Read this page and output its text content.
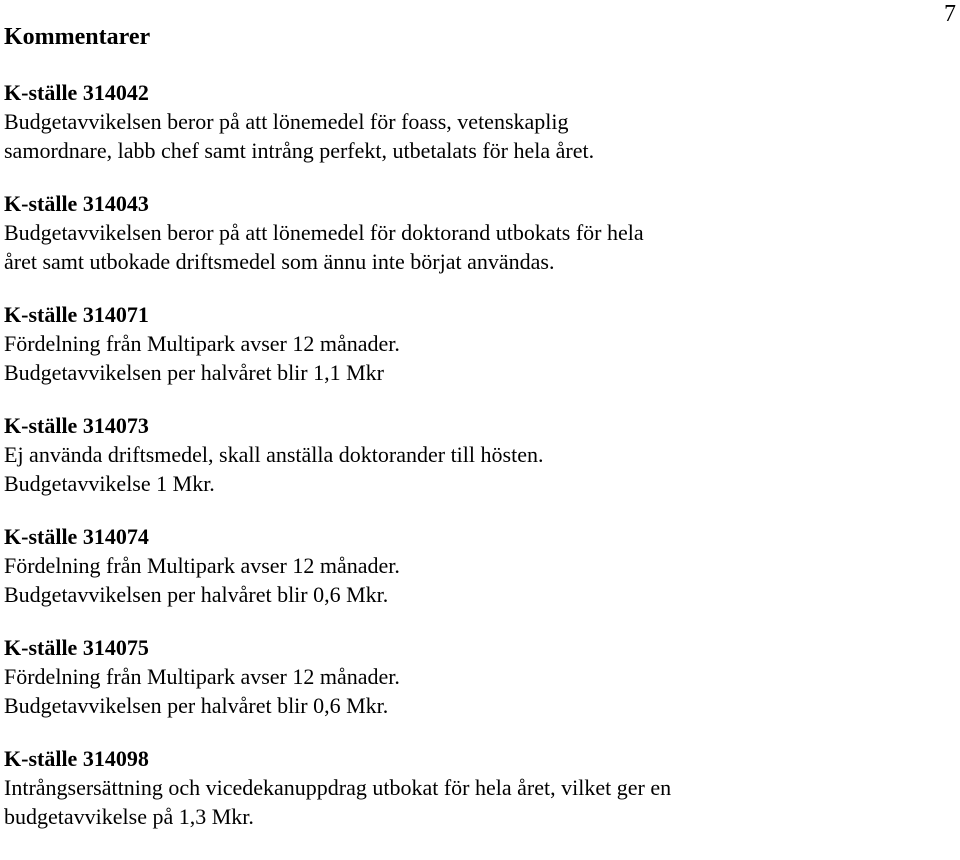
7
Kommentarer
K-ställe 314042
Budgetavvikelsen beror på att lönemedel för foass, vetenskaplig
samordnare, labb chef samt intrång perfekt, utbetalats för hela året.
K-ställe 314043
Budgetavvikelsen beror på att lönemedel för doktorand utbokats för hela
året samt utbokade driftsmedel som ännu inte börjat användas.
K-ställe 314071
Fördelning från Multipark avser 12 månader.
Budgetavvikelsen per halvåret blir 1,1 Mkr
K-ställe 314073
Ej använda driftsmedel, skall anställa doktorander till hösten.
Budgetavvikelse 1 Mkr.
K-ställe 314074
Fördelning från Multipark avser 12 månader.
Budgetavvikelsen per halvåret blir 0,6 Mkr.
K-ställe 314075
Fördelning från Multipark avser 12 månader.
Budgetavvikelsen per halvåret blir 0,6 Mkr.
K-ställe 314098
Intrångsersättning och vicedekanuppdrag utbokat för hela året, vilket ger en
budgetavvikelse på 1,3 Mkr.
